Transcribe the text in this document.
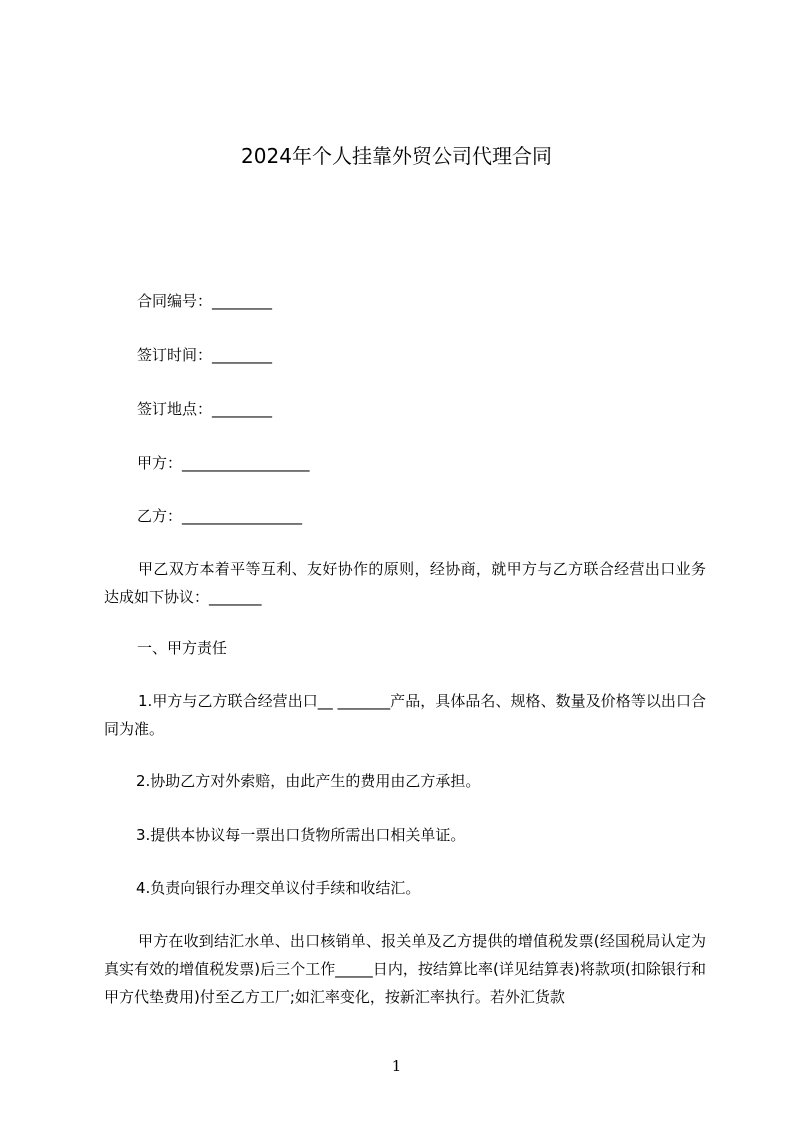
2024年个人挂靠外贸公司代理合同

合同编号：________

签订时间：________

签订地点：________

甲方：_________________

乙方：________________

甲乙双方本着平等互利、友好协作的原则，经协商，就甲方与乙方联合经营出口业务达成如下协议：_______

一、甲方责任

1.甲方与乙方联合经营出口__ _______产品，具体品名、规格、数量及价格等以出口合同为准。

2.协助乙方对外索赔，由此产生的费用由乙方承担。

3.提供本协议每一票出口货物所需出口相关单证。

4.负责向银行办理交单议付手续和收结汇。

甲方在收到结汇水单、出口核销单、报关单及乙方提供的增值税发票(经国税局认定为真实有效的增值税发票)后三个工作_____日内，按结算比率(详见结算表)将款项(扣除银行和甲方代垫费用)付至乙方工厂;如汇率变化，按新汇率执行。若外汇货款

1
